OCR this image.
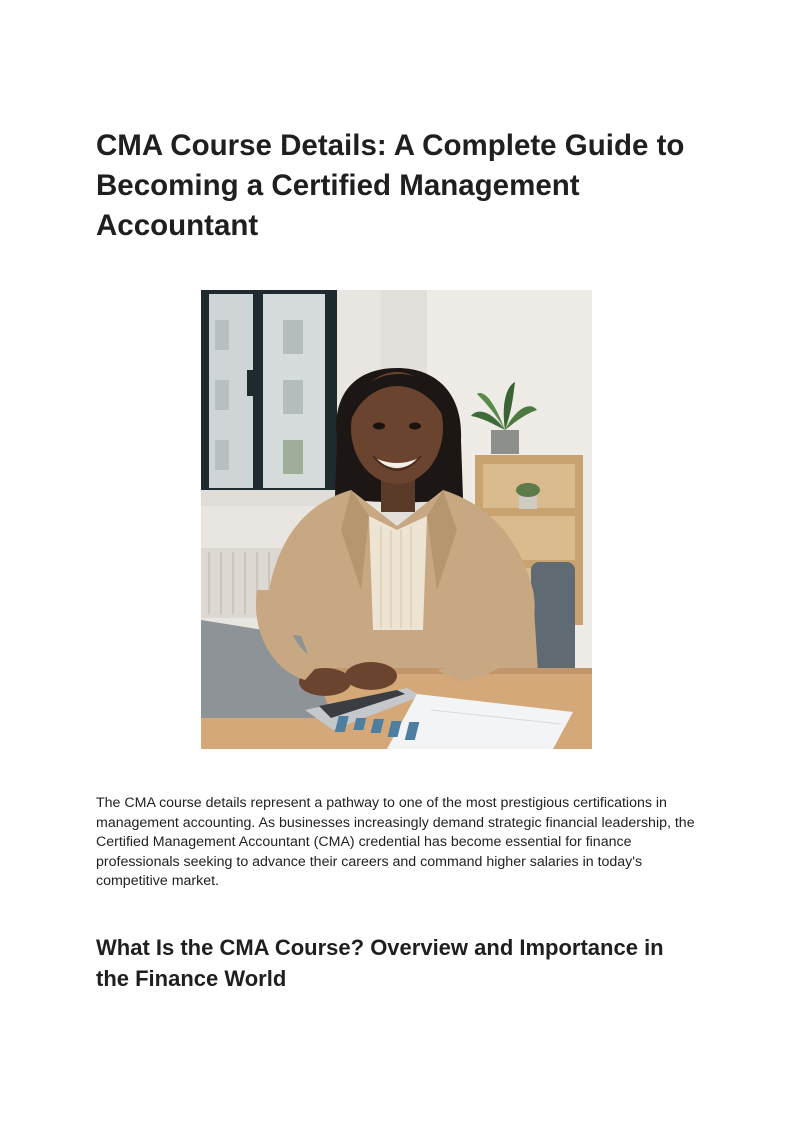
CMA Course Details: A Complete Guide to Becoming a Certified Management Accountant

The CMA course details represent a pathway to one of the most prestigious certifications in management accounting. As businesses increasingly demand strategic financial leadership, the Certified Management Accountant (CMA) credential has become essential for finance professionals seeking to advance their careers and command higher salaries in today's competitive market.

What Is the CMA Course? Overview and Importance in the Finance World
